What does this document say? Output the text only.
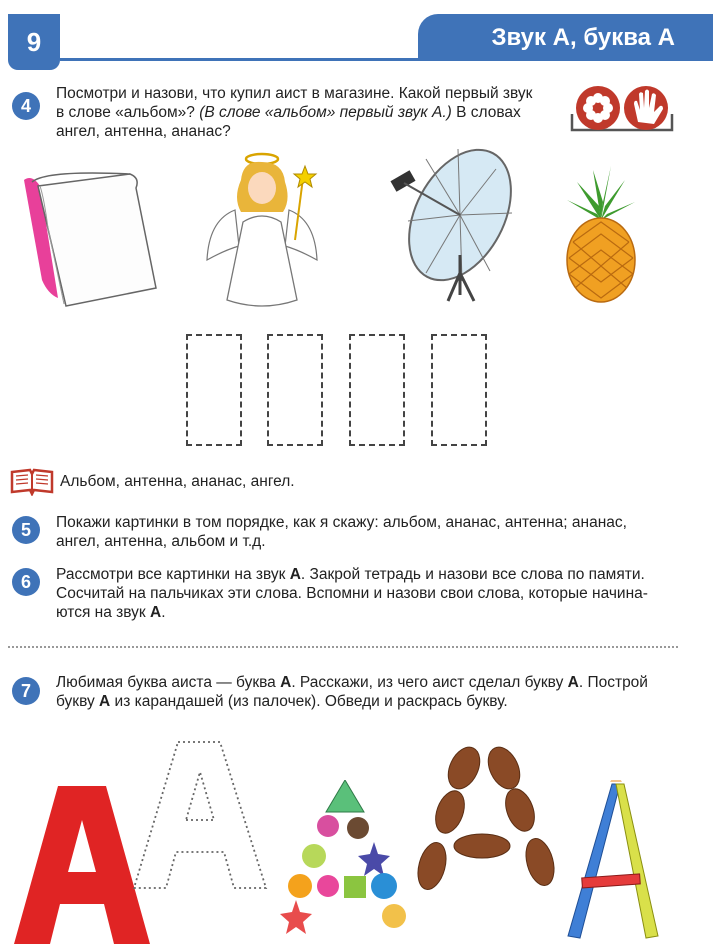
9	Звук А, буква А
4
Посмотри и назови, что купил аист в магазине. Какой первый звук
в слове «альбом»? (В слове «альбом» первый звук А.) В словах
ангел, антенна, ананас?
Альбом, антенна, ананас, ангел.
5	Покажи картинки в том порядке, как я скажу: альбом, ананас, антенна; ананас,
ангел, антенна, альбом и т.д.
6	Рассмотри все картинки на звук А. Закрой тетрадь и назови все слова по памяти.
Сосчитай на пальчиках эти слова. Вспомни и назови свои слова, которые начина-
ются на звук А.
7	Любимая буква аиста — буква А. Расскажи, из чего аист сделал букву А. Построй
букву А из карандашей (из палочек). Обведи и раскрась букву.
